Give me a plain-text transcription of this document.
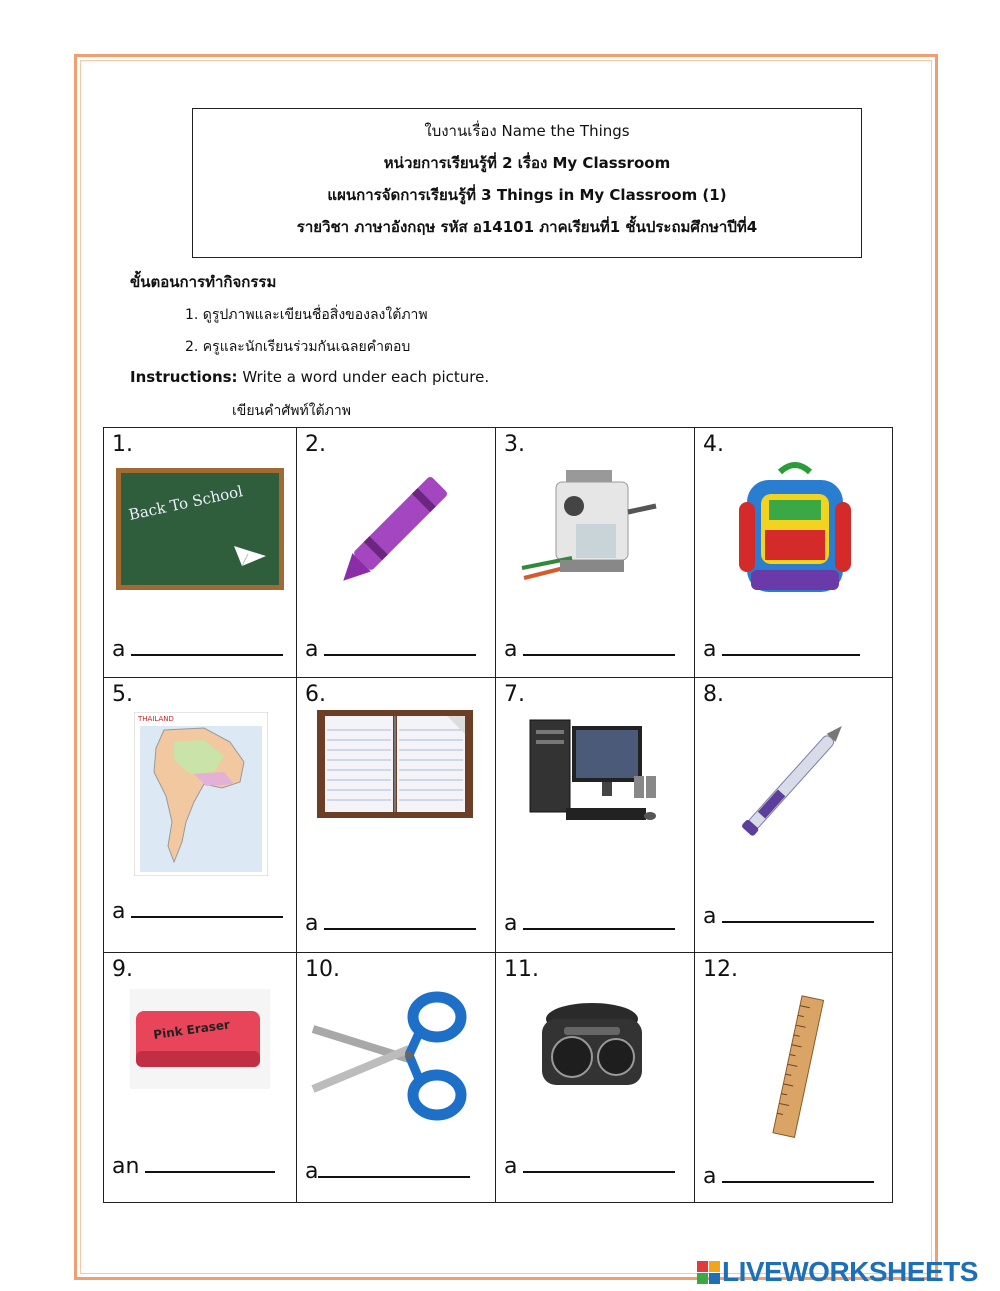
ใบงานเรื่อง Name the Things
หน่วยการเรียนรู้ที่ 2 เรื่อง My Classroom
แผนการจัดการเรียนรู้ที่ 3 Things in My Classroom (1)
รายวิชา ภาษาอังกฤษ รหัส อ14101 ภาคเรียนที่1 ชั้นประถมศึกษาปีที่4
ขั้นตอนการทำกิจกรรม
1. ดูรูปภาพและเขียนชื่อสิ่งของลงใต้ภาพ
2. ครูและนักเรียนร่วมกันเฉลยคำตอบ
Instructions: Write a word under each picture.
เขียนคำศัพท์ใต้ภาพ
1.
Back To School
a
2.
a
3.
a
4.
a
5.
THAILAND
a
6.
a
7.
a
8.
a
9.
Pink Eraser
an
10.
a
11.
a
12.
a
LIVEWORKSHEETS
